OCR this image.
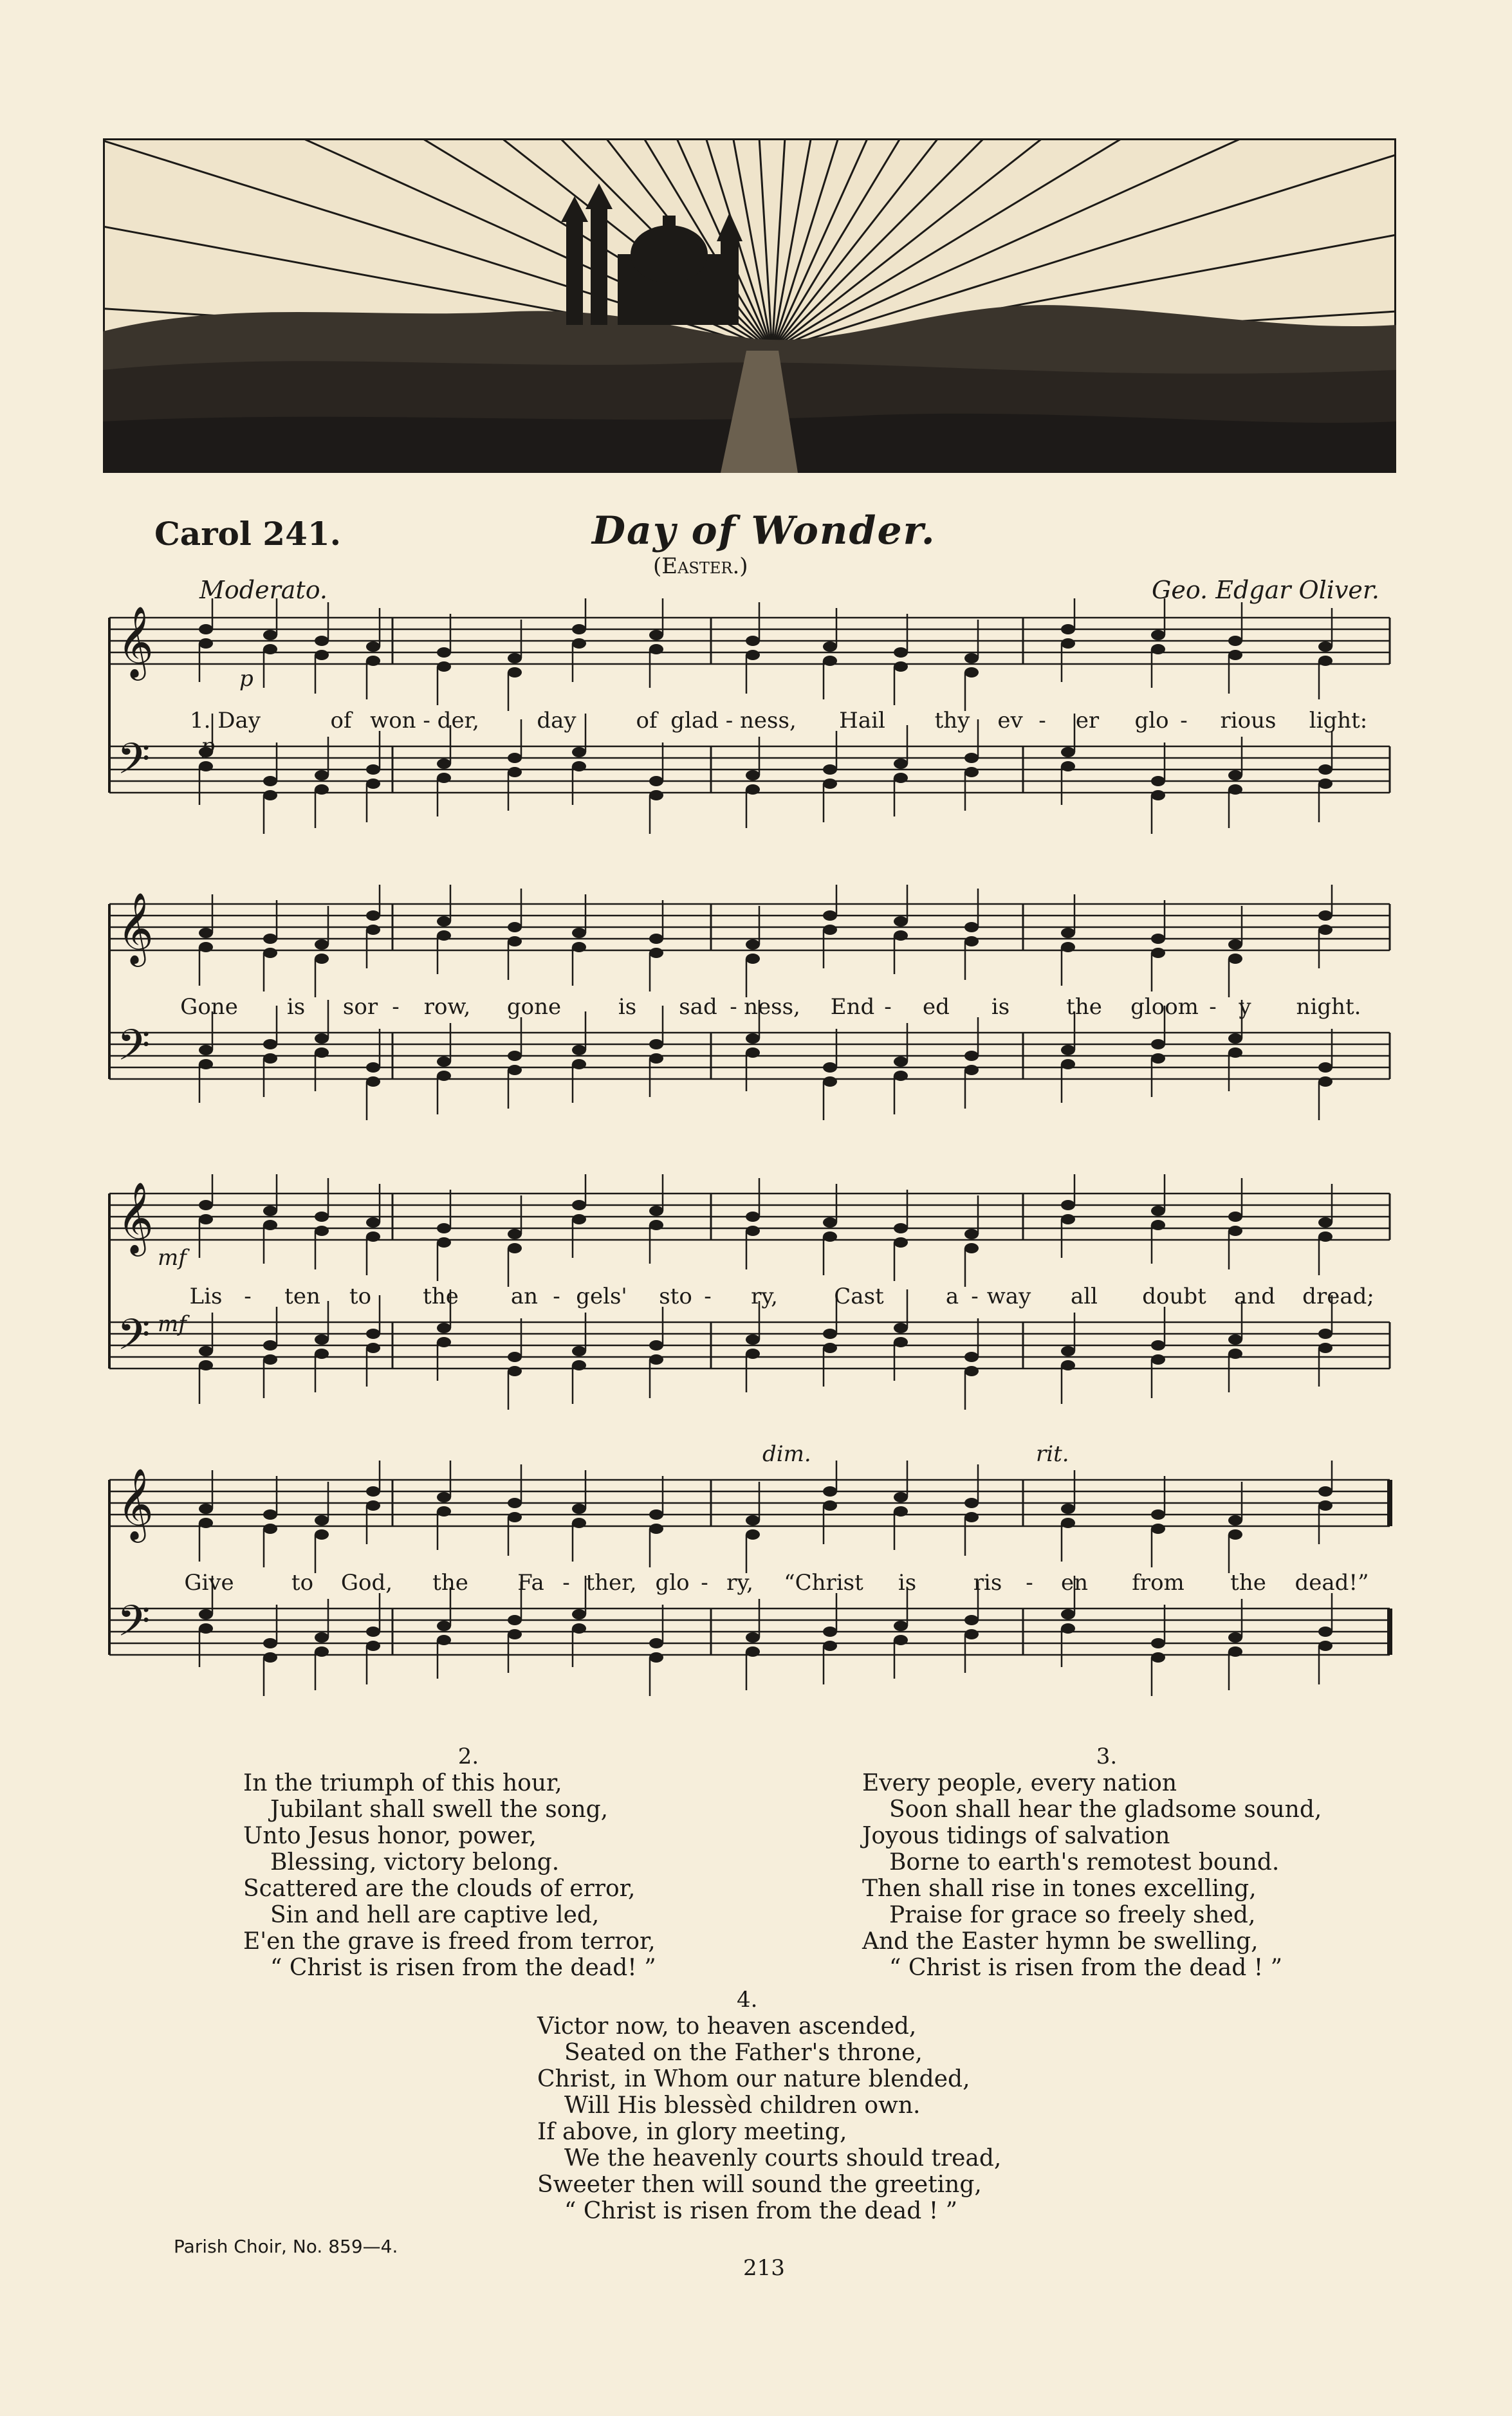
Carol 241.	Day of Wonder.
(Easter.)
Moderato.	Geo. Edgar Oliver.
𝄞
𝄢
p
p
1. Day	of won - der,	day	of glad - ness, Hail thy ev - er glo - rious light:
𝄞
𝄢
Gone is sor - row, gone	is sad - ness, End - ed is	the gloom - y night.
𝄞
𝄢
mf
mf
Lis - ten to the an - gels' sto - ry,	Cast	a - way all doubt and dread;
𝄞
𝄢
dim.	rit.
Give	to God, the Fa - ther, glo - ry, “Christ is	ris - en from the dead!”
2.
In the triumph of this hour,
Jubilant shall swell the song,
Unto Jesus honor, power,
Blessing, victory belong.
Scattered are the clouds of error,
Sin and hell are captive led,
E'en the grave is freed from terror,
“ Christ is risen from the dead! ”
3.
Every people, every nation
Soon shall hear the gladsome sound,
Joyous tidings of salvation
Borne to earth's remotest bound.
Then shall rise in tones excelling,
Praise for grace so freely shed,
And the Easter hymn be swelling,
“ Christ is risen from the dead ! ”
4.
Victor now, to heaven ascended,
Seated on the Father's throne,
Christ, in Whom our nature blended,
Will His blessèd children own.
If above, in glory meeting,
We the heavenly courts should tread,
Sweeter then will sound the greeting,
“ Christ is risen from the dead ! ”
Parish Choir, No. 859—4.
213
